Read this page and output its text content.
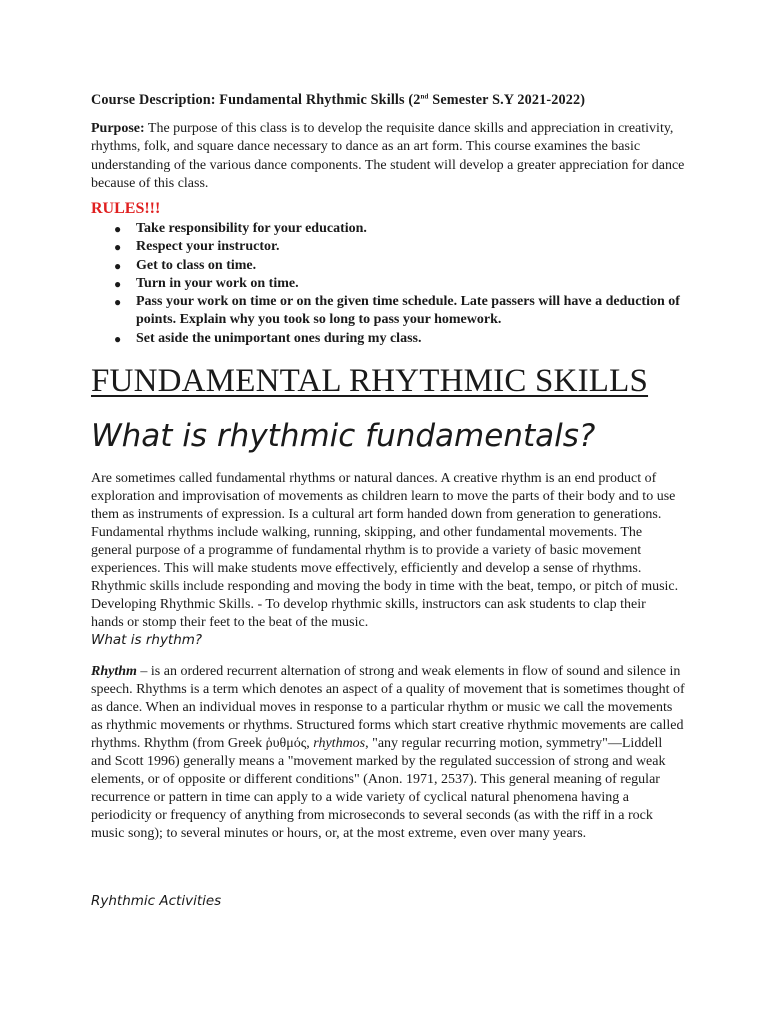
Course Description: Fundamental Rhythmic Skills (2nd Semester S.Y 2021-2022)
Purpose: The purpose of this class is to develop the requisite dance skills and appreciation in creativity, rhythms, folk, and square dance necessary to dance as an art form. This course examines the basic understanding of the various dance components. The student will develop a greater appreciation for dance because of this class.
RULES!!!
● Take responsibility for your education.
● Respect your instructor.
● Get to class on time.
● Turn in your work on time.
● Pass your work on time or on the given time schedule. Late passers will have a deduction of points. Explain why you took so long to pass your homework.
● Set aside the unimportant ones during my class.
FUNDAMENTAL RHYTHMIC SKILLS
What is rhythmic fundamentals?
Are sometimes called fundamental rhythms or natural dances. A creative rhythm is an end product of exploration and improvisation of movements as children learn to move the parts of their body and to use them as instruments of expression. Is a cultural art form handed down from generation to generations. Fundamental rhythms include walking, running, skipping, and other fundamental movements. The general purpose of a programme of fundamental rhythm is to provide a variety of basic movement experiences. This will make students move effectively, efficiently and develop a sense of rhythms. Rhythmic skills include responding and moving the body in time with the beat, tempo, or pitch of music. Developing Rhythmic Skills. - To develop rhythmic skills, instructors can ask students to clap their hands or stomp their feet to the beat of the music.
What is rhythm?
Rhythm – is an ordered recurrent alternation of strong and weak elements in flow of sound and silence in speech. Rhythms is a term which denotes an aspect of a quality of movement that is sometimes thought of as dance. When an individual moves in response to a particular rhythm or music we call the movements as rhythmic movements or rhythms. Structured forms which start creative rhythmic movements are called rhythms. Rhythm (from Greek ῥυθμός, rhythmos, "any regular recurring motion, symmetry"—Liddell and Scott 1996) generally means a "movement marked by the regulated succession of strong and weak elements, or of opposite or different conditions" (Anon. 1971, 2537). This general meaning of regular recurrence or pattern in time can apply to a wide variety of cyclical natural phenomena having a periodicity or frequency of anything from microseconds to several seconds (as with the riff in a rock music song); to several minutes or hours, or, at the most extreme, even over many years.
Ryhthmic Activities
